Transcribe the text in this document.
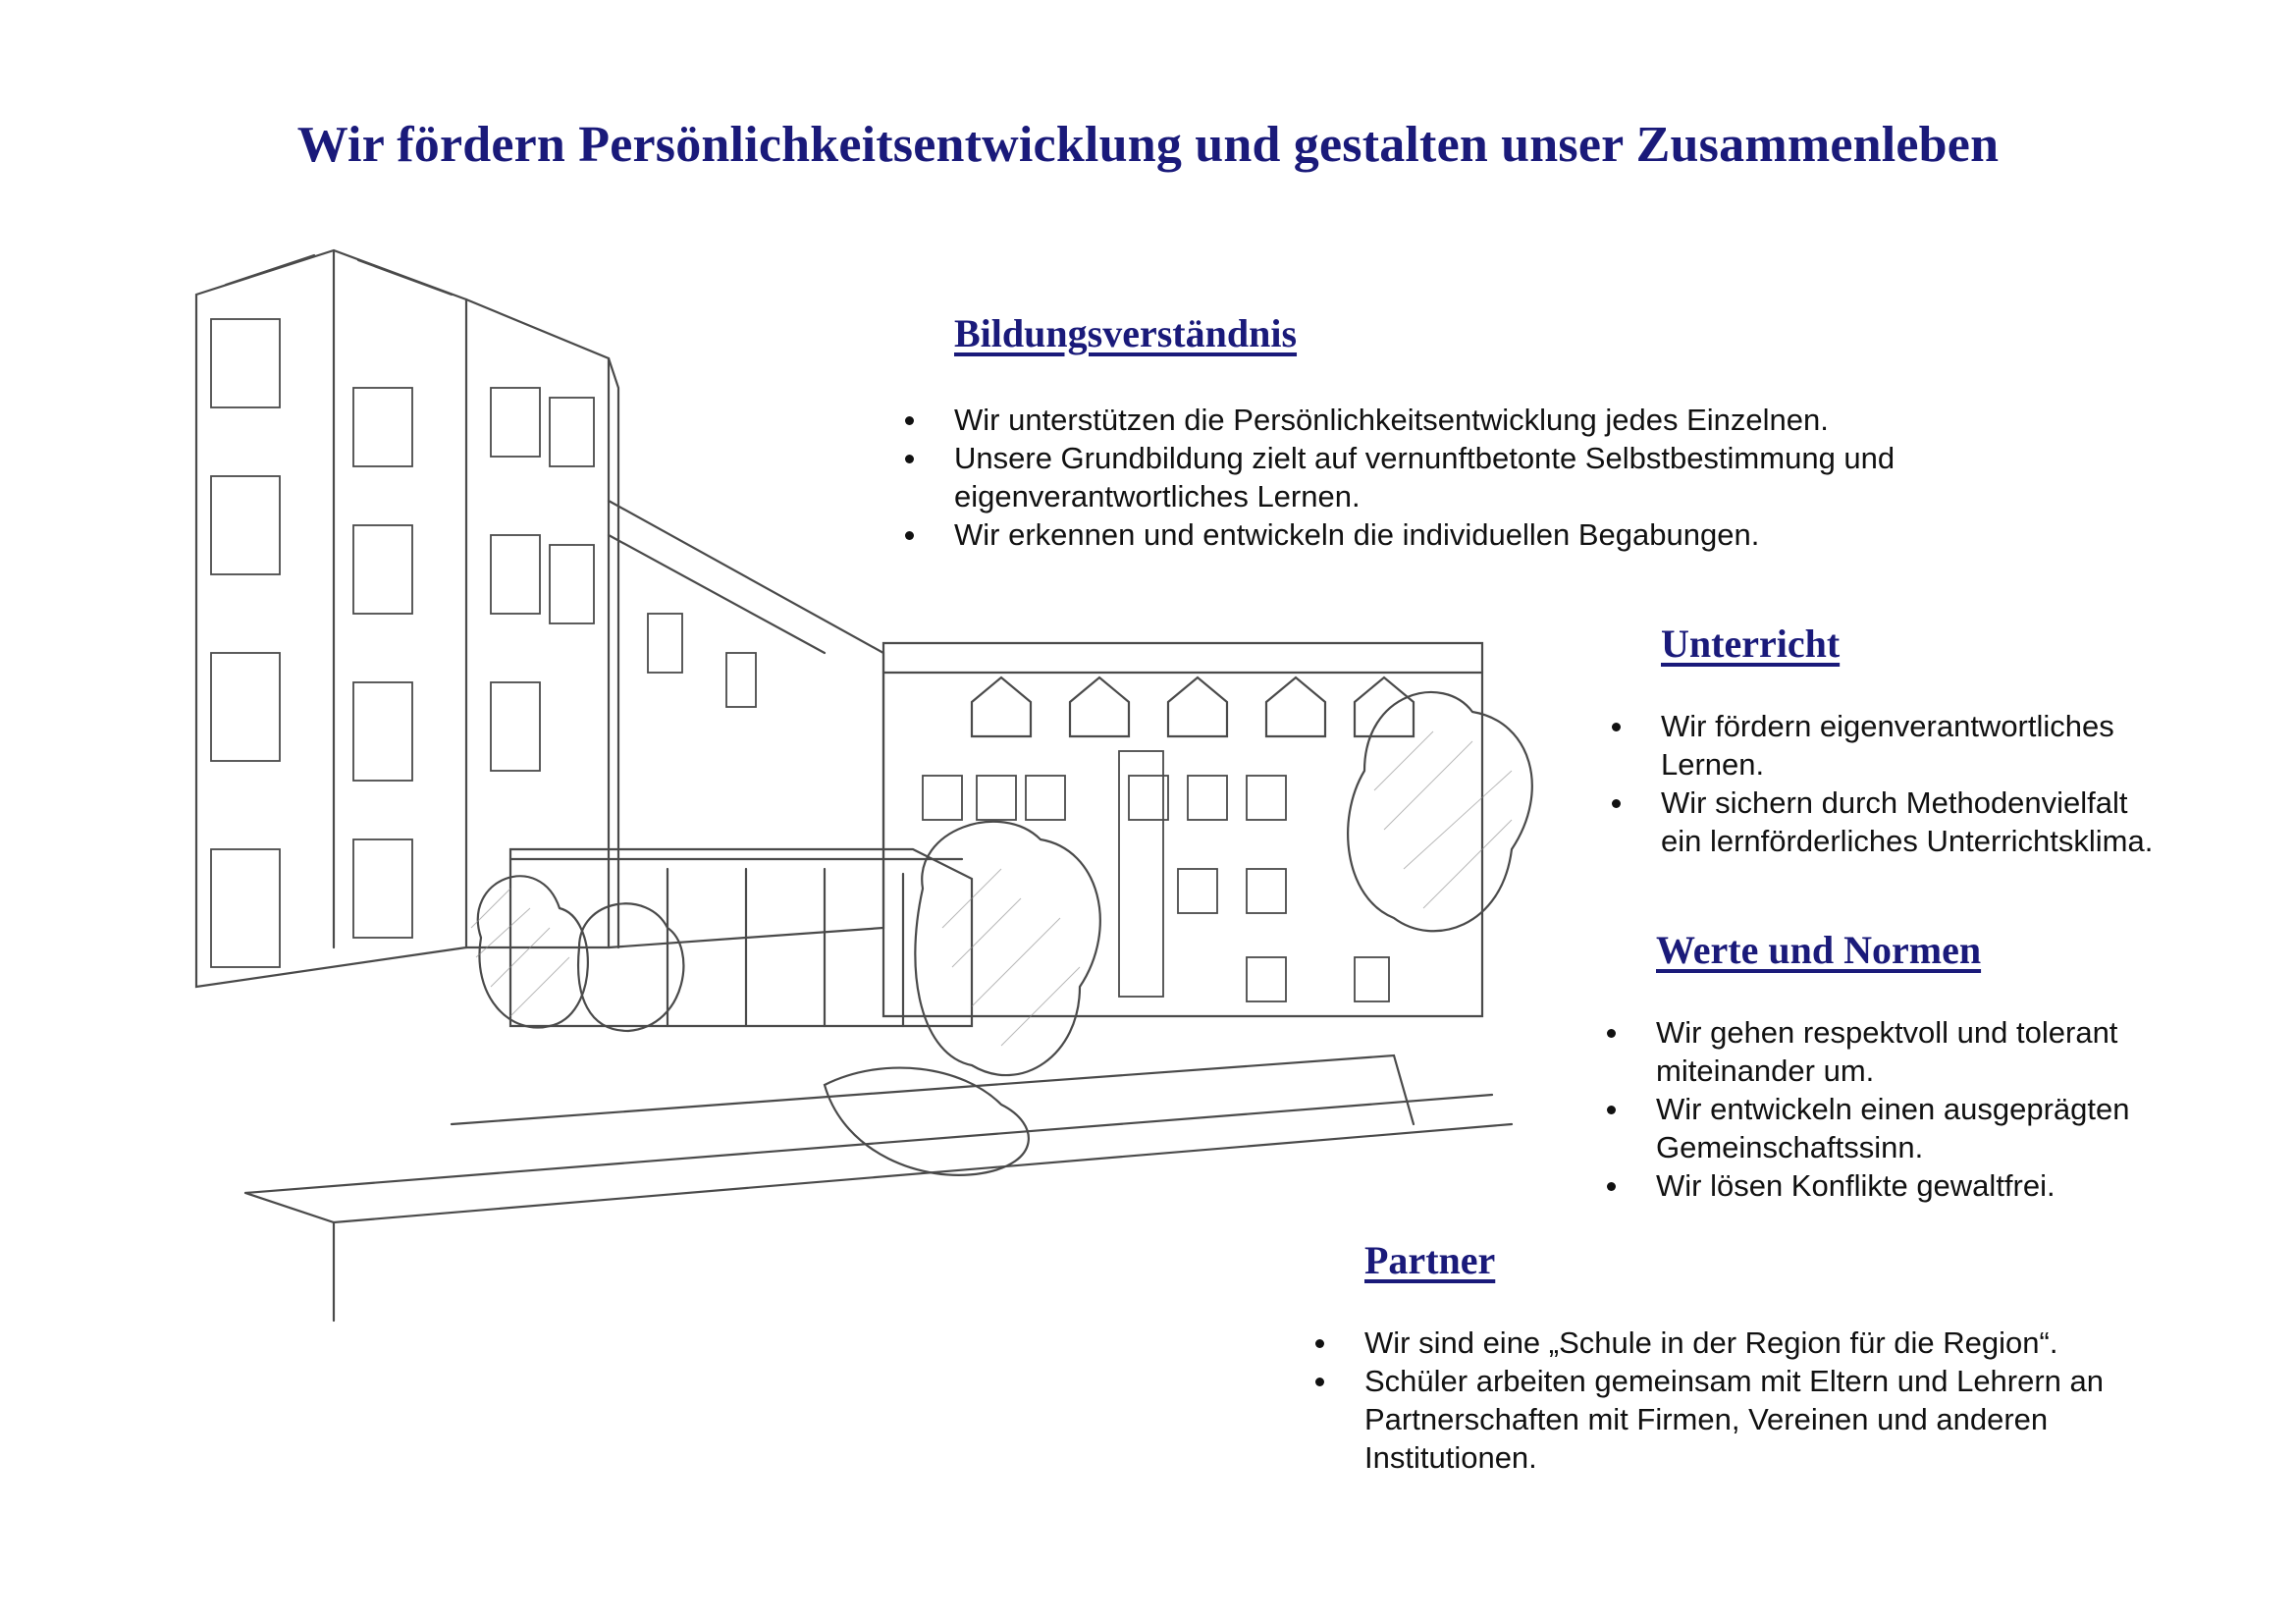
Wir fördern Persönlichkeitsentwicklung und gestalten unser Zusammenleben
Bildungsverständnis
Wir unterstützen die Persönlichkeitsentwicklung jedes Einzelnen.
Unsere Grundbildung zielt auf vernunftbetonte Selbstbestimmung und eigenverantwortliches Lernen.
Wir erkennen und entwickeln die individuellen Begabungen.
Unterricht
Wir fördern eigenverantwortliches Lernen.
Wir sichern durch Methodenvielfalt ein lernförderliches Unterrichtsklima.
Werte und Normen
Wir gehen respektvoll und tolerant miteinander um.
Wir entwickeln einen ausgeprägten Gemeinschaftssinn.
Wir lösen Konflikte gewaltfrei.
Partner
Wir sind eine „Schule in der Region für die Region“.
Schüler arbeiten gemeinsam mit Eltern und Lehrern an Partnerschaften mit Firmen, Vereinen und anderen Institutionen.
